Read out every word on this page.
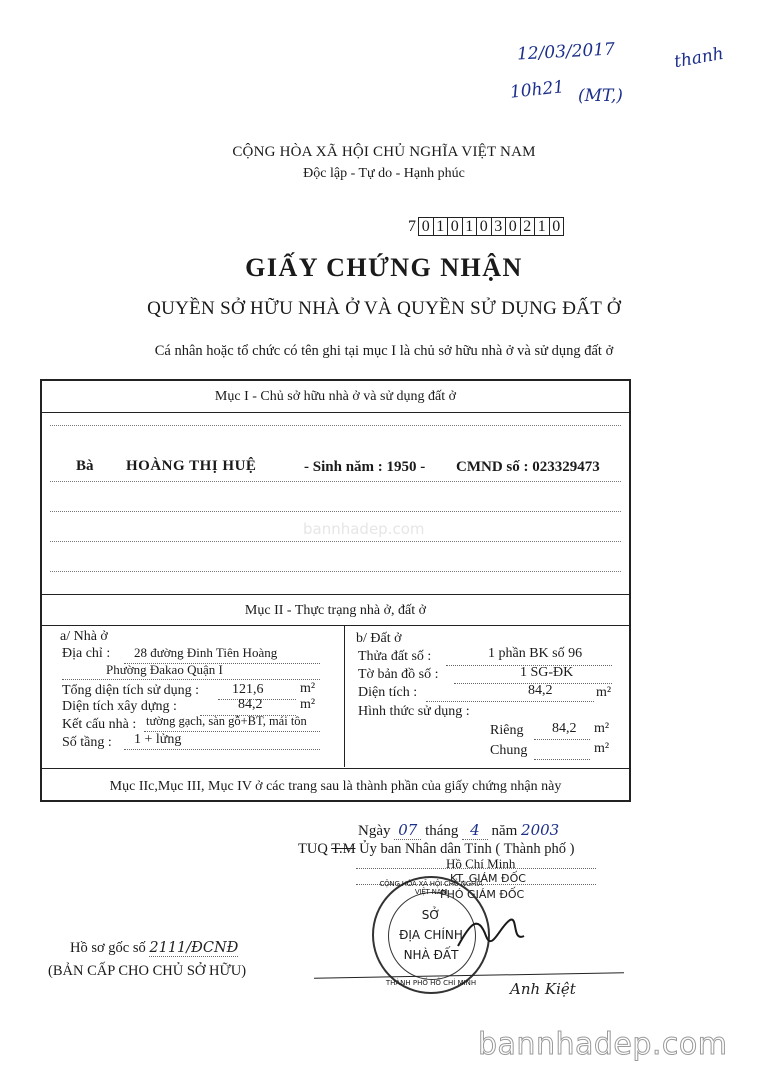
12/03/2017
10h21 (MT,)
thanh
CỘNG HÒA XÃ HỘI CHỦ NGHĨA VIỆT NAM
Độc lập - Tự do - Hạnh phúc
7 0 1 0 1 0 3 0 2 1 0
GIẤY CHỨNG NHẬN
QUYỀN SỞ HỮU NHÀ Ở VÀ QUYỀN SỬ DỤNG ĐẤT Ở
Cá nhân hoặc tổ chức có tên ghi tại mục I là chủ sở hữu nhà ở và sử dụng đất ở
Mục I - Chủ sở hữu nhà ở và sử dụng đất ở
Bà HOÀNG THỊ HUỆ	- Sinh năm : 1950 - CMND số : 023329473
Mục II - Thực trạng nhà ở, đất ở
a/ Nhà ở
Địa chỉ : 28 đường Đinh Tiên Hoàng
Phường Đakao Quận I
Tổng diện tích sử dụng : 121,6	m²
Diện tích xây dựng :	84,2	m²
Kết cấu nhà : tường gạch, sàn gỗ+BT, mái tôn
Số tầng : 1 + lửng
b/ Đất ở
Thửa đất số :	1 phần BK số 96
Tờ bản đồ số :	1 SG-ĐK
Diện tích :	84,2	m²
Hình thức sử dụng :
Riêng 84,2 m²
Chung	m²
Mục IIc,Mục III, Mục IV ở các trang sau là thành phần của giấy chứng nhận này
bannhadep.com
Ngày 07 tháng 4 năm 2003
TUQ T.M Ủy ban Nhân dân Tỉnh ( Thành phố )
Hồ Chí Minh
KT. GIÁM ĐỐC
PHÓ GIÁM ĐỐC
CỘNG HÒA XÃ HỘI CHỦ NGHĨA VIỆT NAM
SỞ
ĐỊA CHÍNH
NHÀ ĐẤT
THÀNH PHỐ HỒ CHÍ MINH	Anh Kiệt
Hồ sơ gốc số 2111/ĐCNĐ
(BẢN CẤP CHO CHỦ SỞ HỮU)
bannhadep.com
